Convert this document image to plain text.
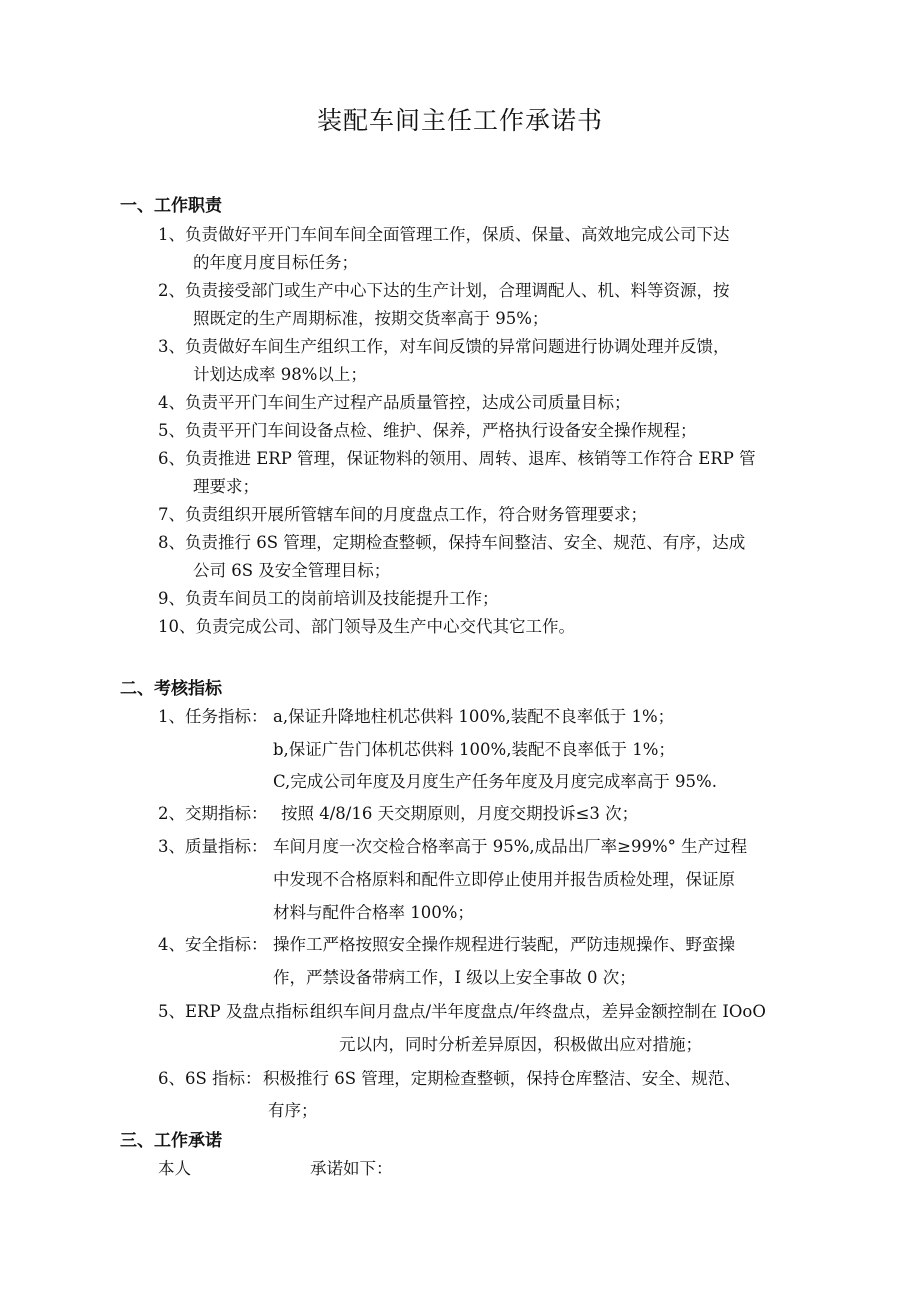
装配车间主任工作承诺书
一、工作职责
1、负责做好平开门车间车间全面管理工作，保质、保量、高效地完成公司下达
的年度月度目标任务；
2、负责接受部门或生产中心下达的生产计划，合理调配人、机、料等资源，按
照既定的生产周期标准，按期交货率高于 95%；
3、负责做好车间生产组织工作，对车间反馈的异常问题进行协调处理并反馈，
计划达成率 98%以上；
4、负责平开门车间生产过程产品质量管控，达成公司质量目标；
5、负责平开门车间设备点检、维护、保养，严格执行设备安全操作规程；
6、负责推进 ERP 管理，保证物料的领用、周转、退库、核销等工作符合 ERP 管
理要求；
7、负责组织开展所管辖车间的月度盘点工作，符合财务管理要求；
8、负责推行 6S 管理，定期检查整顿，保持车间整洁、安全、规范、有序，达成
公司 6S 及安全管理目标；
9、负责车间员工的岗前培训及技能提升工作；
10、负责完成公司、部门领导及生产中心交代其它工作。
二、考核指标
1、任务指标： a,保证升降地柱机芯供料 100%,装配不良率低于 1%；
b,保证广告门体机芯供料 100%,装配不良率低于 1%；
C,完成公司年度及月度生产任务年度及月度完成率高于 95%.
2、交期指标： 按照 4/8/16 天交期原则，月度交期投诉≤3 次；
3、质量指标： 车间月度一次交检合格率高于 95%,成品出厂率≥99%° 生产过程
中发现不合格原料和配件立即停止使用并报告质检处理，保证原
材料与配件合格率 100%；
4、安全指标： 操作工严格按照安全操作规程进行装配，严防违规操作、野蛮操
作，严禁设备带病工作，I 级以上安全事故 0 次；
5、ERP 及盘点指标：
组织车间月盘点/半年度盘点/年终盘点，差异金额控制在 IOoO
元以内，同时分析差异原因，积极做出应对措施；
6、6S 指标： 积极推行 6S 管理，定期检查整顿，保持仓库整洁、安全、规范、
有序；
三、工作承诺
本人	承诺如下：
